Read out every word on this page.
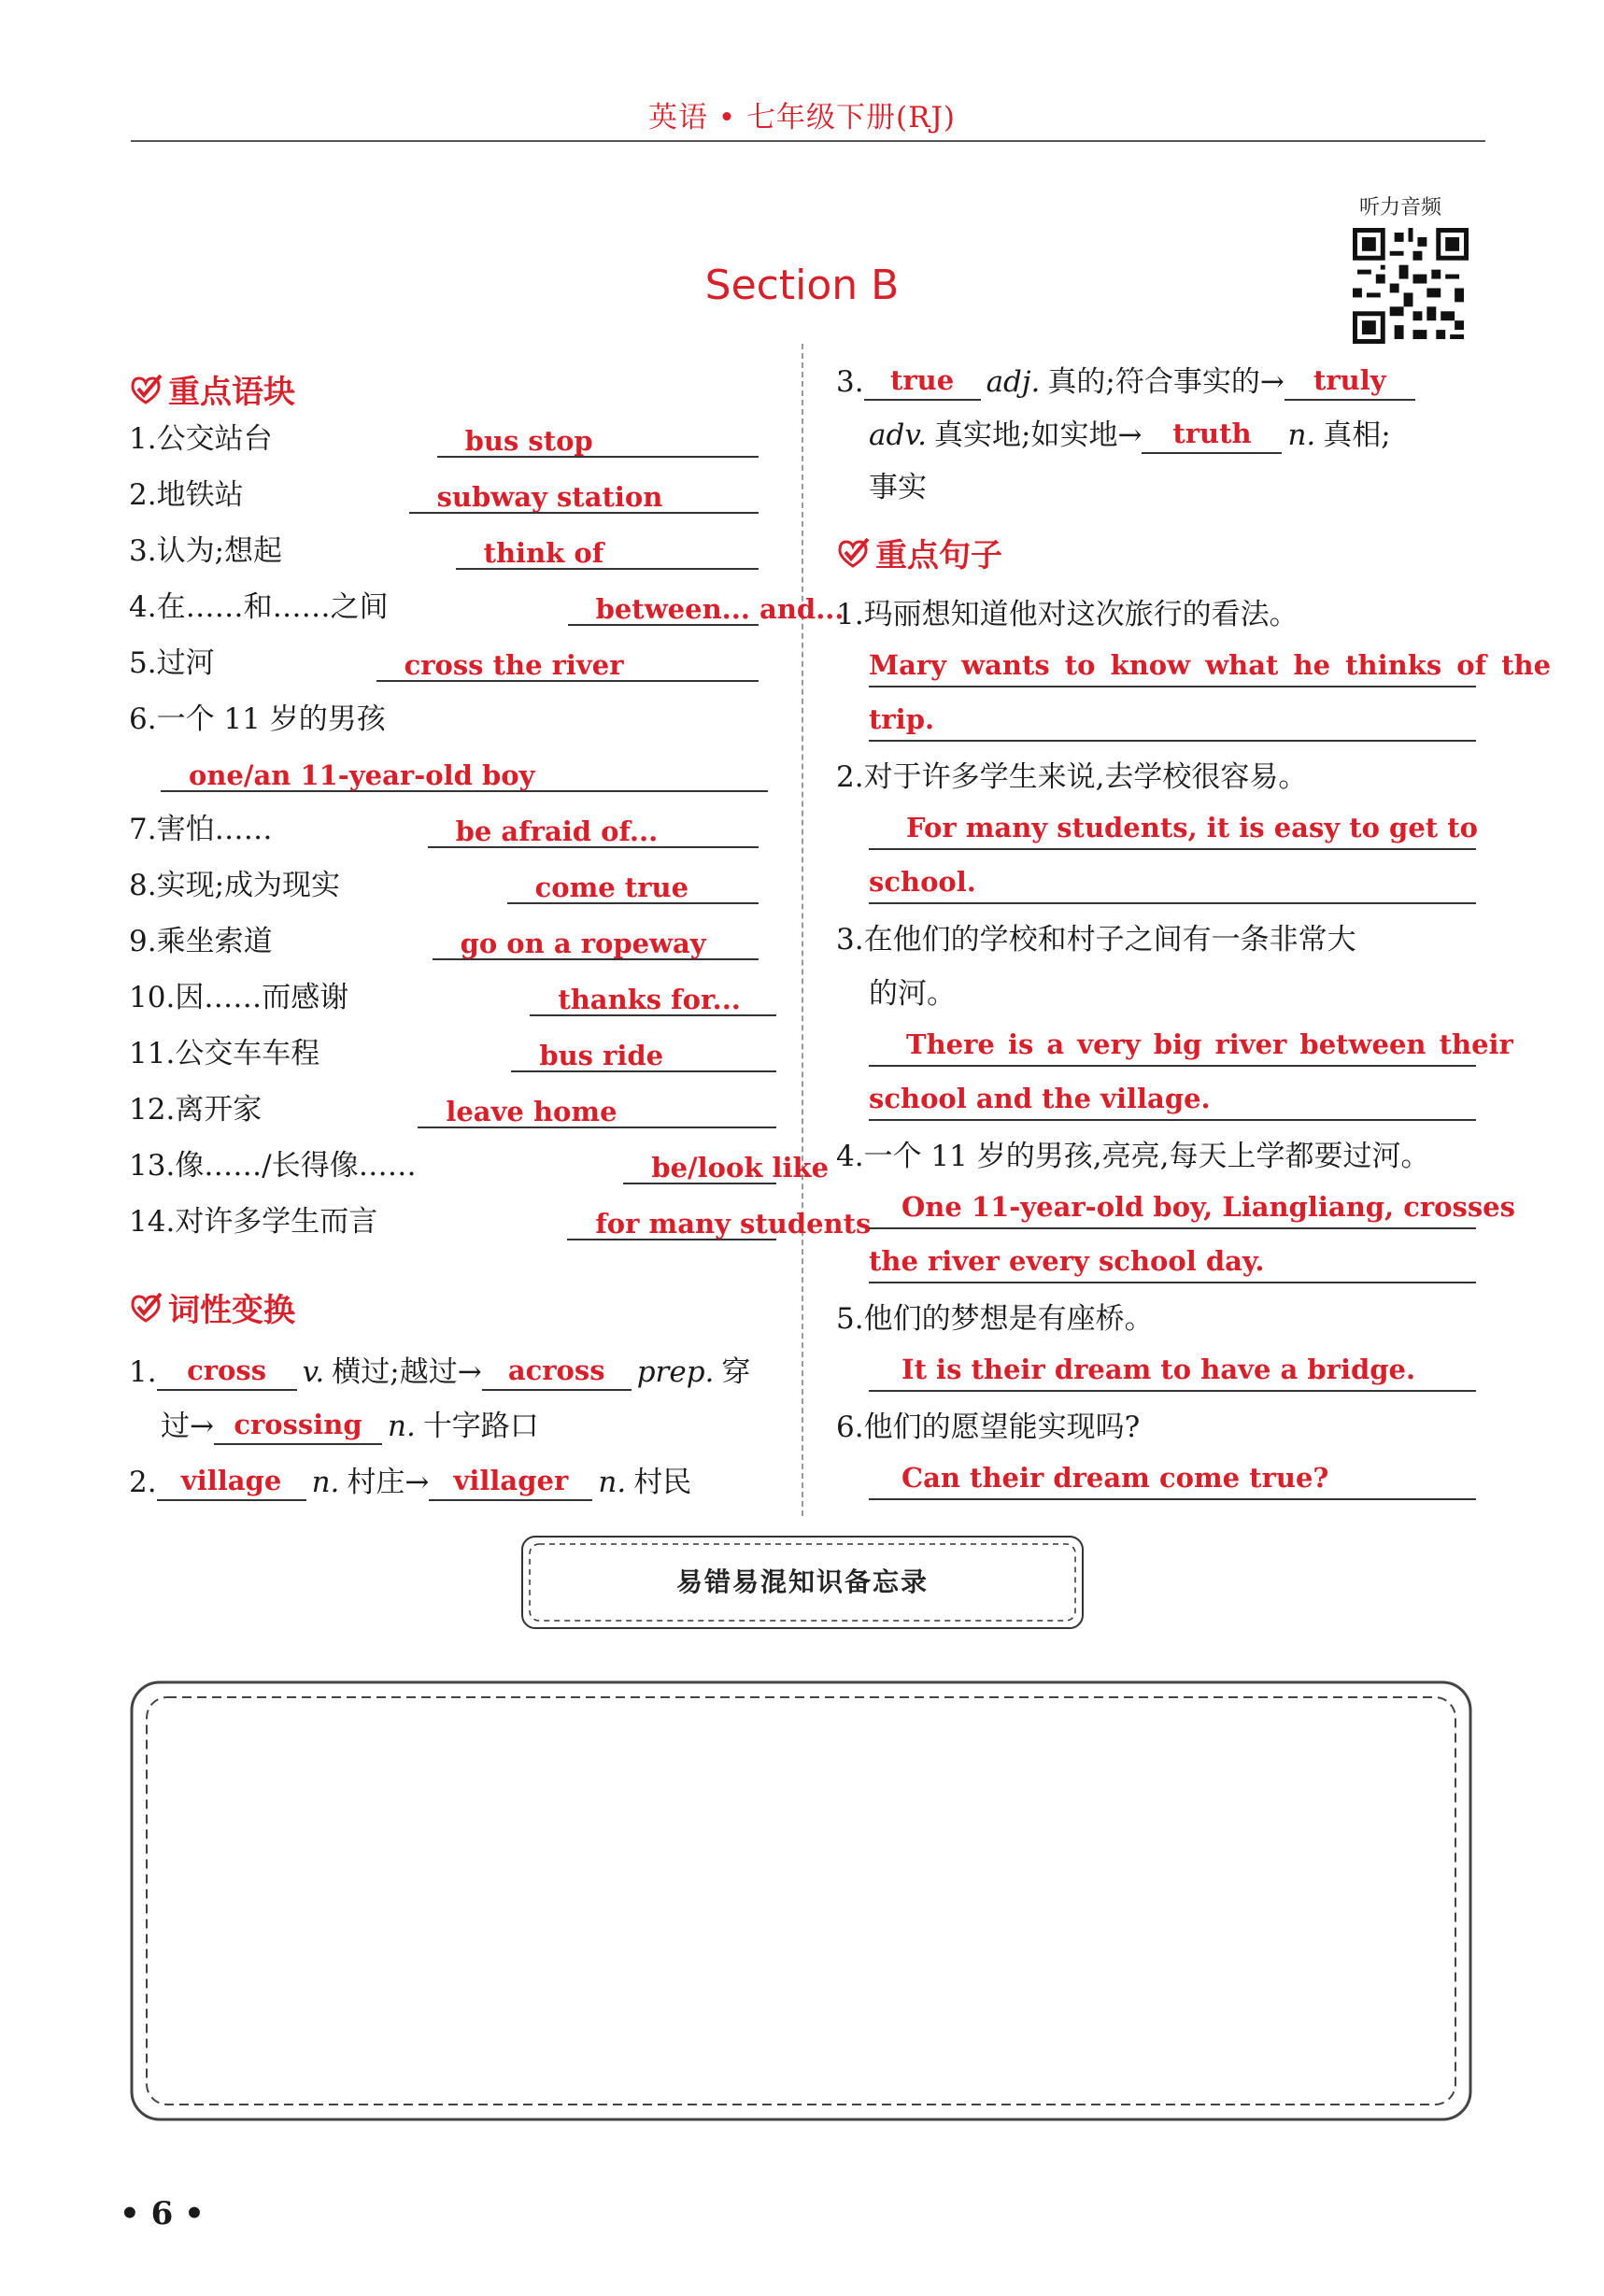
英语 • 七年级下册(RJ)
听力音频
Section B
重点语块
1. 公交站台	bus stop
2. 地铁站	subway station
3. 认为;想起	think of
4. 在……和……之间	between... and...
5. 过河	cross the river
6. 一个 11 岁的男孩
one/an 11-year-old boy
7. 害怕……	be afraid of...
8. 实现;成为现实	come true
9. 乘坐索道	go on a ropeway
10. 因……而感谢	thanks for...
11. 公交车车程	bus ride
12. 离开家	leave home
13. 像……/长得像……	be/look like
14. 对许多学生而言	for many students
词性变换
1.	cross	v. 横过;越过→ across	prep. 穿
过→ crossing n. 十字路口
2. village	n. 村庄→ villager	n. 村民
3. true	adj. 真的;符合事实的→	truly
adv. 真实地;如实地→	truth	n. 真相;
事实
重点句子
1. 玛丽想知道他对这次旅行的看法。
Mary wants to know what he thinks of the
trip.
2. 对于许多学生来说,去学校很容易。
For many students, it is easy to get to
school.
3. 在他们的学校和村子之间有一条非常大
的河。
There is a very big river between their
school and the village.
4. 一个 11 岁的男孩,亮亮,每天上学都要过河。
One 11-year-old boy, Liangliang, crosses
the river every school day.
5. 他们的梦想是有座桥。
It is their dream to have a bridge.
6. 他们的愿望能实现吗?
Can their dream come true?
易错易混知识备忘录
• 6 •
